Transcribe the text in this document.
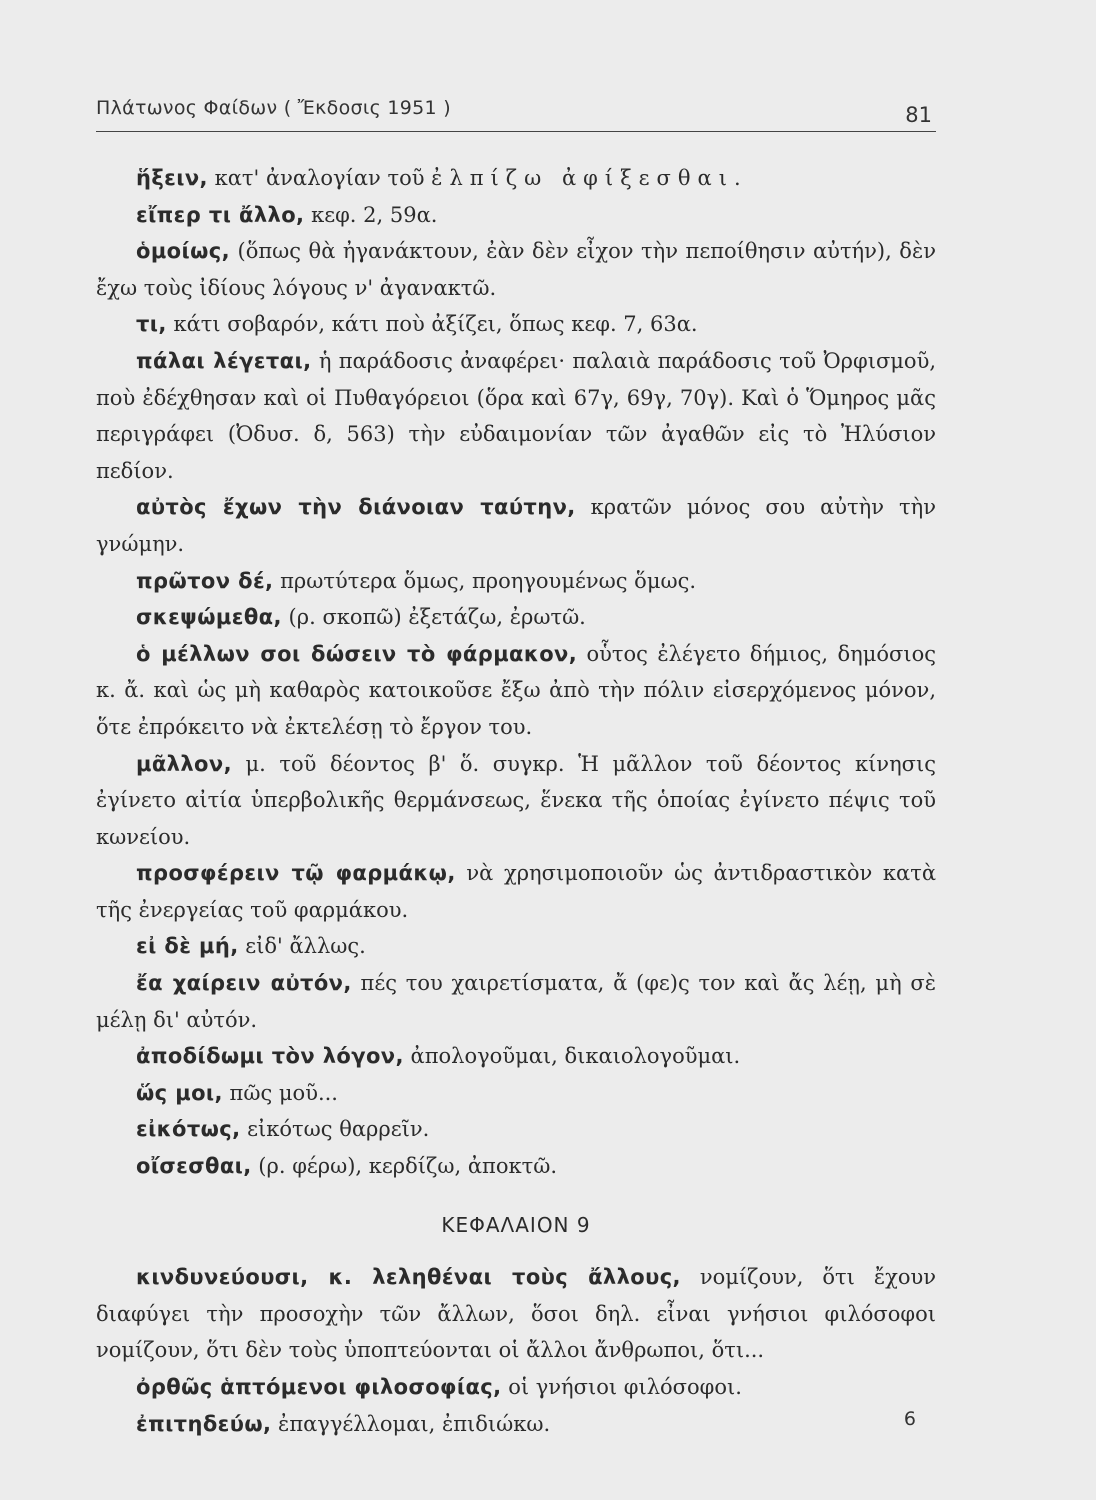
Πλάτωνος Φαίδων ( Ἔκδοσις 1951 )	81

ἥξειν, κατ' ἀναλογίαν τοῦ ἐλπίζω ἀφίξεσθαι.

εἴπερ τι ἄλλο, κεφ. 2, 59α.

ὁμοίως, (ὅπως θὰ ἠγανάκτουν, ἐὰν δὲν εἶχον τὴν πεποίθησιν αὐτήν), δὲν ἔχω τοὺς ἰδίους λόγους ν' ἀγανακτῶ.

τι, κάτι σοβαρόν, κάτι ποὺ ἀξίζει, ὅπως κεφ. 7, 63α.

πάλαι λέγεται, ἡ παράδοσις ἀναφέρει· παλαιὰ παράδοσις τοῦ Ὀρφισμοῦ, ποὺ ἐδέχθησαν καὶ οἱ Πυθαγόρειοι (ὅρα καὶ 67γ, 69γ, 70γ). Καὶ ὁ Ὅμηρος μᾶς περιγράφει (Ὀδυσ. δ, 563) τὴν εὐδαιμονίαν τῶν ἀγαθῶν εἰς τὸ Ἠλύσιον πεδίον.

αὐτὸς ἔχων τὴν διάνοιαν ταύτην, κρατῶν μόνος σου αὐτὴν τὴν γνώμην.

πρῶτον δέ, πρωτύτερα ὅμως, προηγουμένως ὅμως.

σκεψώμεθα, (ρ. σκοπῶ) ἐξετάζω, ἐρωτῶ.

ὁ μέλλων σοι δώσειν τὸ φάρμακον, οὗτος ἐλέγετο δήμιος, δημόσιος κ. ἄ. καὶ ὡς μὴ καθαρὸς κατοικοῦσε ἔξω ἀπὸ τὴν πόλιν εἰσερχόμενος μόνον, ὅτε ἐπρόκειτο νὰ ἐκτελέσῃ τὸ ἔργον του.

μᾶλλον, μ. τοῦ δέοντος β' ὅ. συγκρ. Ἡ μᾶλλον τοῦ δέοντος κίνησις ἐγίνετο αἰτία ὑπερβολικῆς θερμάνσεως, ἕνεκα τῆς ὁποίας ἐγίνετο πέψις τοῦ κωνείου.

προσφέρειν τῷ φαρμάκῳ, νὰ χρησιμοποιοῦν ὡς ἀντιδραστικὸν κατὰ τῆς ἐνεργείας τοῦ φαρμάκου.

εἰ δὲ μή, εἰδ' ἄλλως.

ἔα χαίρειν αὐτόν, πές του χαιρετίσματα, ἄ (φε)ς τον καὶ ἄς λέῃ, μὴ σὲ μέλῃ δι' αὐτόν.

ἀποδίδωμι τὸν λόγον, ἀπολογοῦμαι, δικαιολογοῦμαι.

ὥς μοι, πῶς μοῦ...

εἰκότως, εἰκότως θαρρεῖν.

οἴσεσθαι, (ρ. φέρω), κερδίζω, ἀποκτῶ.

ΚΕΦΑΛΑΙΟΝ 9

κινδυνεύουσι, κ. λεληθέναι τοὺς ἄλλους, νομίζουν, ὅτι ἔχουν διαφύγει τὴν προσοχὴν τῶν ἄλλων, ὅσοι δηλ. εἶναι γνήσιοι φιλόσοφοι νομίζουν, ὅτι δὲν τοὺς ὑποπτεύονται οἱ ἄλλοι ἄνθρωποι, ὅτι...

ὀρθῶς ἁπτόμενοι φιλοσοφίας, οἱ γνήσιοι φιλόσοφοι.

ἐπιτηδεύω, ἐπαγγέλλομαι, ἐπιδιώκω.	6
